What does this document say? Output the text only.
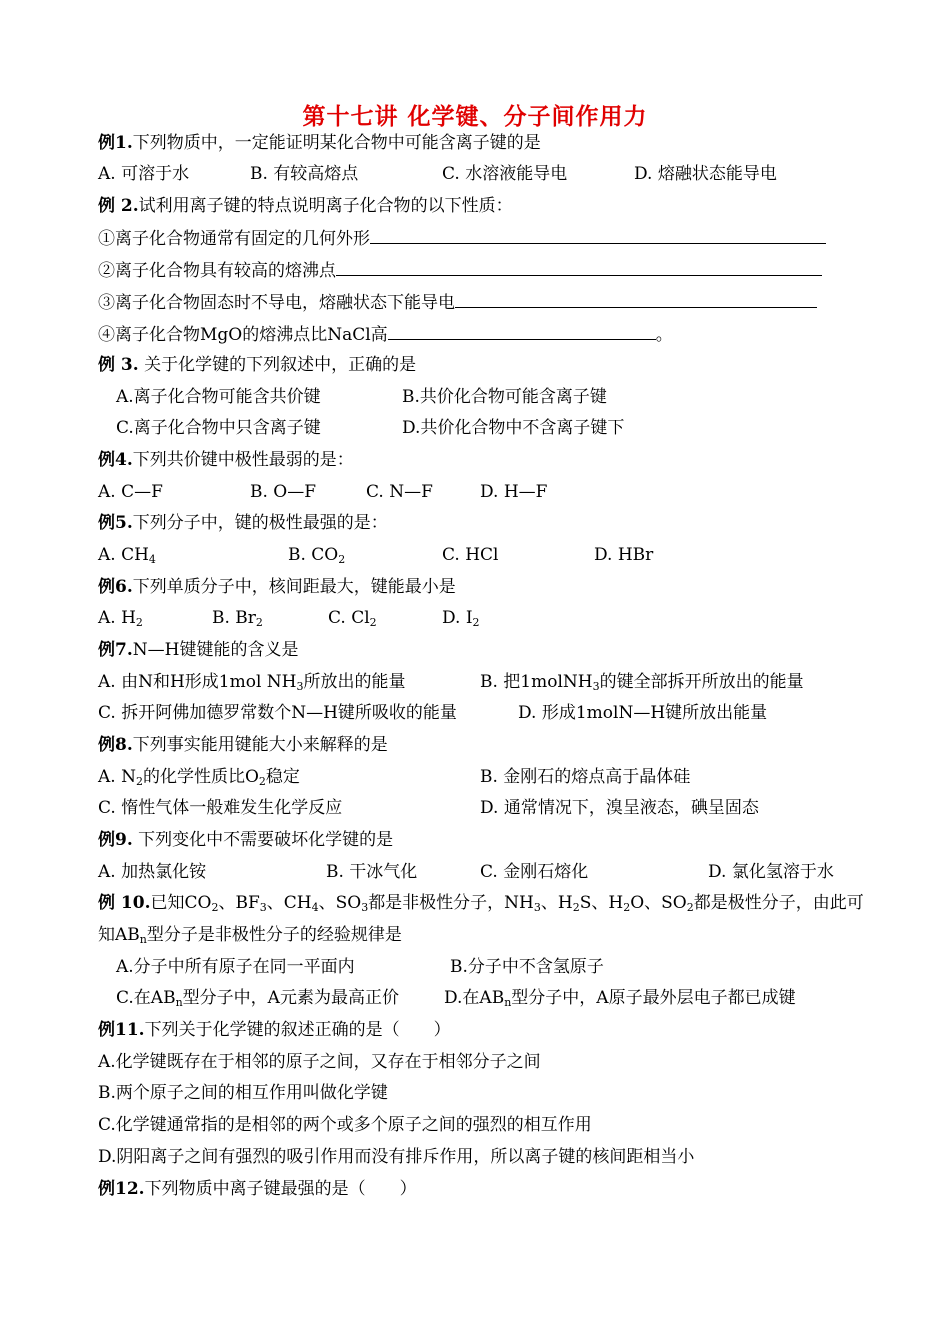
第十七讲 化学键、分子间作用力
例1.下列物质中，一定能证明某化合物中可能含离子键的是
A. 可溶于水	B. 有较高熔点	C. 水溶液能导电	D. 熔融状态能导电
例 2.试利用离子键的特点说明离子化合物的以下性质：
①离子化合物通常有固定的几何外形
②离子化合物具有较高的熔沸点
③离子化合物固态时不导电，熔融状态下能导电
④离子化合物MgO的熔沸点比NaCl高	。
例 3. 关于化学键的下列叙述中，正确的是
A.离子化合物可能含共价键	B.共价化合物可能含离子键
C.离子化合物中只含离子键	D.共价化合物中不含离子键下
例4.下列共价键中极性最弱的是：
A. C—F	B. O—F	C. N—F	D. H—F
例5.下列分子中，键的极性最强的是：
A. $CH_4$	B. $CO_2$	C. HCl	D. HBr
例6.下列单质分子中，核间距最大，键能最小是
A. $H_2$	B. $Br_2$	C. $Cl_2$	D. $I_2$
例7.N—H键键能的含义是
A. 由N和H形成1mol $NH_3$所放出的能量	B. 把1molNH$_3$的键全部拆开所放出的能量
C. 拆开阿佛加德罗常数个N—H键所吸收的能量	D. 形成1molN—H键所放出能量
例8.下列事实能用键能大小来解释的是
A. $N_2$的化学性质比$O_2$稳定	B. 金刚石的熔点高于晶体硅
C. 惰性气体一般难发生化学反应	D. 通常情况下，溴呈液态，碘呈固态
例9. 下列变化中不需要破坏化学键的是
A. 加热氯化铵	B. 干冰气化	C. 金刚石熔化	D. 氯化氢溶于水
例 10.已知$CO_2$、$BF_3$、$CH_4$、$SO_3$都是非极性分子，$NH_3$、$H_2S$、$H_2O$、$SO_2$都是极性分子，由此可
知$AB_n$型分子是非极性分子的经验规律是
A.分子中所有原子在同一平面内	B.分子中不含氢原子
C.在$AB_n$型分子中，A元素为最高正价	D.在$AB_n$型分子中，A原子最外层电子都已成键
例11.下列关于化学键的叙述正确的是（　　）
A.化学键既存在于相邻的原子之间，又存在于相邻分子之间
B.两个原子之间的相互作用叫做化学键
C.化学键通常指的是相邻的两个或多个原子之间的强烈的相互作用
D.阴阳离子之间有强烈的吸引作用而没有排斥作用，所以离子键的核间距相当小
例12.下列物质中离子键最强的是（　　）
